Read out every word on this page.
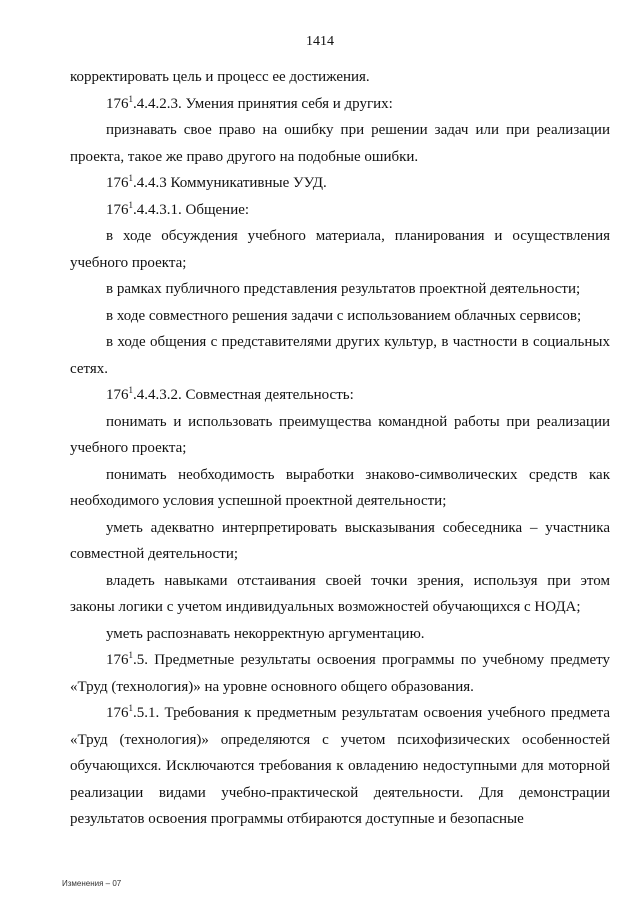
1414

корректировать цель и процесс ее достижения.

$176^1.4.4.2.3$. Умения принятия себя и других:

признавать свое право на ошибку при решении задач или при реализации проекта, такое же право другого на подобные ошибки.

$176^1.4.4.3$ Коммуникативные УУД.

$176^1.4.4.3.1$. Общение:

в ходе обсуждения учебного материала, планирования и осуществления учебного проекта;

в рамках публичного представления результатов проектной деятельности;

в ходе совместного решения задачи с использованием облачных сервисов;

в ходе общения с представителями других культур, в частности в социальных сетях.

$176^1.4.4.3.2$. Совместная деятельность:

понимать и использовать преимущества командной работы при реализации учебного проекта;

понимать необходимость выработки знаково-символических средств как необходимого условия успешной проектной деятельности;

уметь адекватно интерпретировать высказывания собеседника – участника совместной деятельности;

владеть навыками отстаивания своей точки зрения, используя при этом законы логики с учетом индивидуальных возможностей обучающихся с НОДА;

уметь распознавать некорректную аргументацию.

$176^1.5$. Предметные результаты освоения программы по учебному предмету «Труд (технология)» на уровне основного общего образования.

$176^1.5.1$. Требования к предметным результатам освоения учебного предмета «Труд (технология)» определяются с учетом психофизических особенностей обучающихся. Исключаются требования к овладению недоступными для моторной реализации видами учебно-практической деятельности. Для демонстрации результатов освоения программы отбираются доступные и безопасные

Изменения – 07
